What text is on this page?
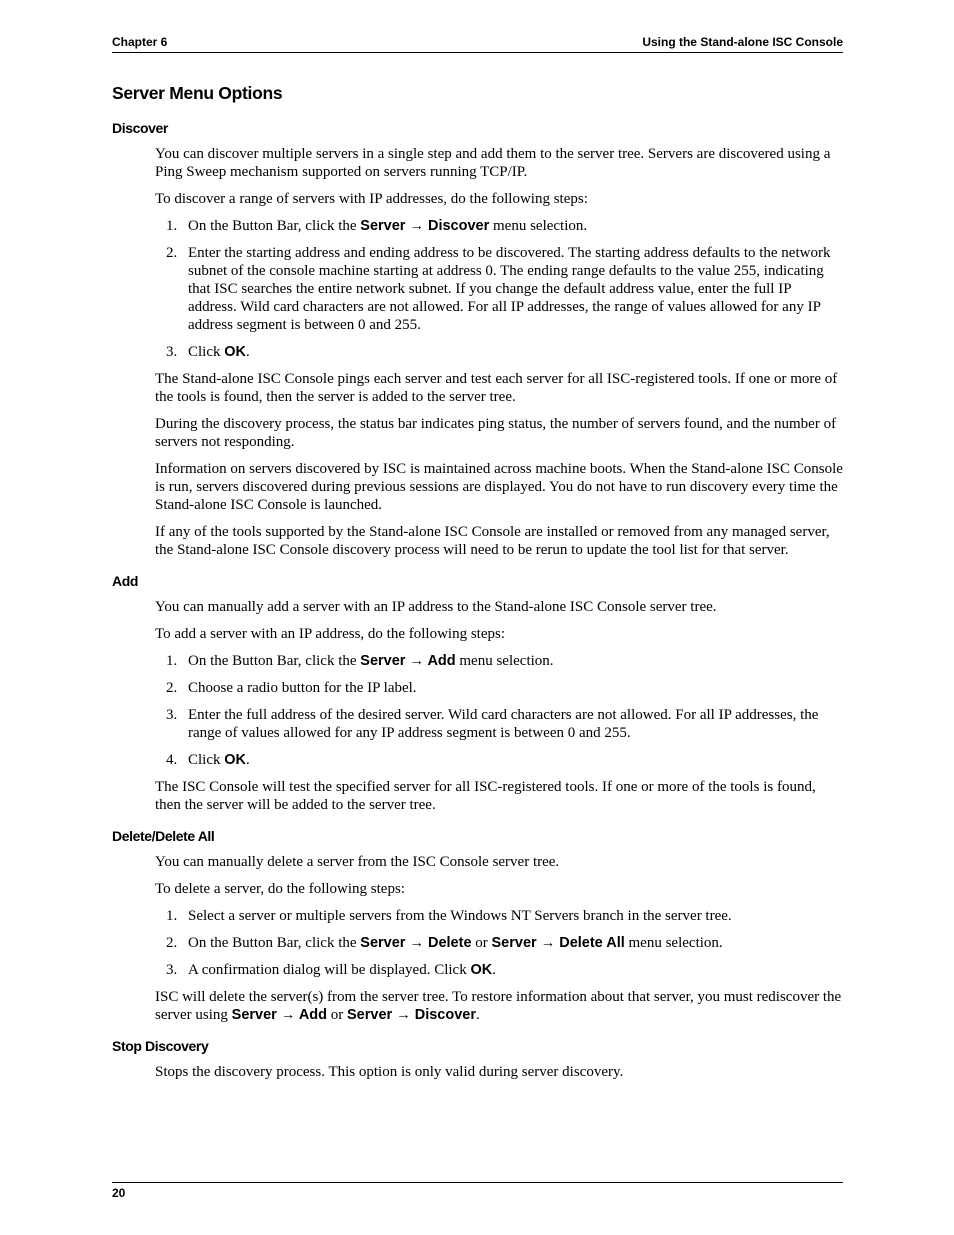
Chapter 6	Using the Stand-alone ISC Console
Server Menu Options
Discover

You can discover multiple servers in a single step and add them to the server tree. Servers are discovered using a Ping Sweep mechanism supported on servers running TCP/IP.

To discover a range of servers with IP addresses, do the following steps:

1. On the Button Bar, click the Server → Discover menu selection.
2. Enter the starting address and ending address to be discovered. The starting address defaults to the network subnet of the console machine starting at address 0. The ending range defaults to the value 255, indicating that ISC searches the entire network subnet. If you change the default address value, enter the full IP address. Wild card characters are not allowed. For all IP addresses, the range of values allowed for any IP address segment is between 0 and 255.
3. Click OK.

The Stand-alone ISC Console pings each server and test each server for all ISC-registered tools. If one or more of the tools is found, then the server is added to the server tree.

During the discovery process, the status bar indicates ping status, the number of servers found, and the number of servers not responding.

Information on servers discovered by ISC is maintained across machine boots. When the Stand-alone ISC Console is run, servers discovered during previous sessions are displayed. You do not have to run discovery every time the Stand-alone ISC Console is launched.

If any of the tools supported by the Stand-alone ISC Console are installed or removed from any managed server, the Stand-alone ISC Console discovery process will need to be rerun to update the tool list for that server.

Add

You can manually add a server with an IP address to the Stand-alone ISC Console server tree.

To add a server with an IP address, do the following steps:

1. On the Button Bar, click the Server → Add menu selection.
2. Choose a radio button for the IP label.
3. Enter the full address of the desired server. Wild card characters are not allowed. For all IP addresses, the range of values allowed for any IP address segment is between 0 and 255.
4. Click OK.

The ISC Console will test the specified server for all ISC-registered tools. If one or more of the tools is found, then the server will be added to the server tree.

Delete/Delete All

You can manually delete a server from the ISC Console server tree.

To delete a server, do the following steps:

1. Select a server or multiple servers from the Windows NT Servers branch in the server tree.
2. On the Button Bar, click the Server → Delete or Server → Delete All menu selection.
3. A confirmation dialog will be displayed. Click OK.

ISC will delete the server(s) from the server tree. To restore information about that server, you must rediscover the server using Server → Add or Server → Discover.

Stop Discovery

Stops the discovery process. This option is only valid during server discovery.

20
